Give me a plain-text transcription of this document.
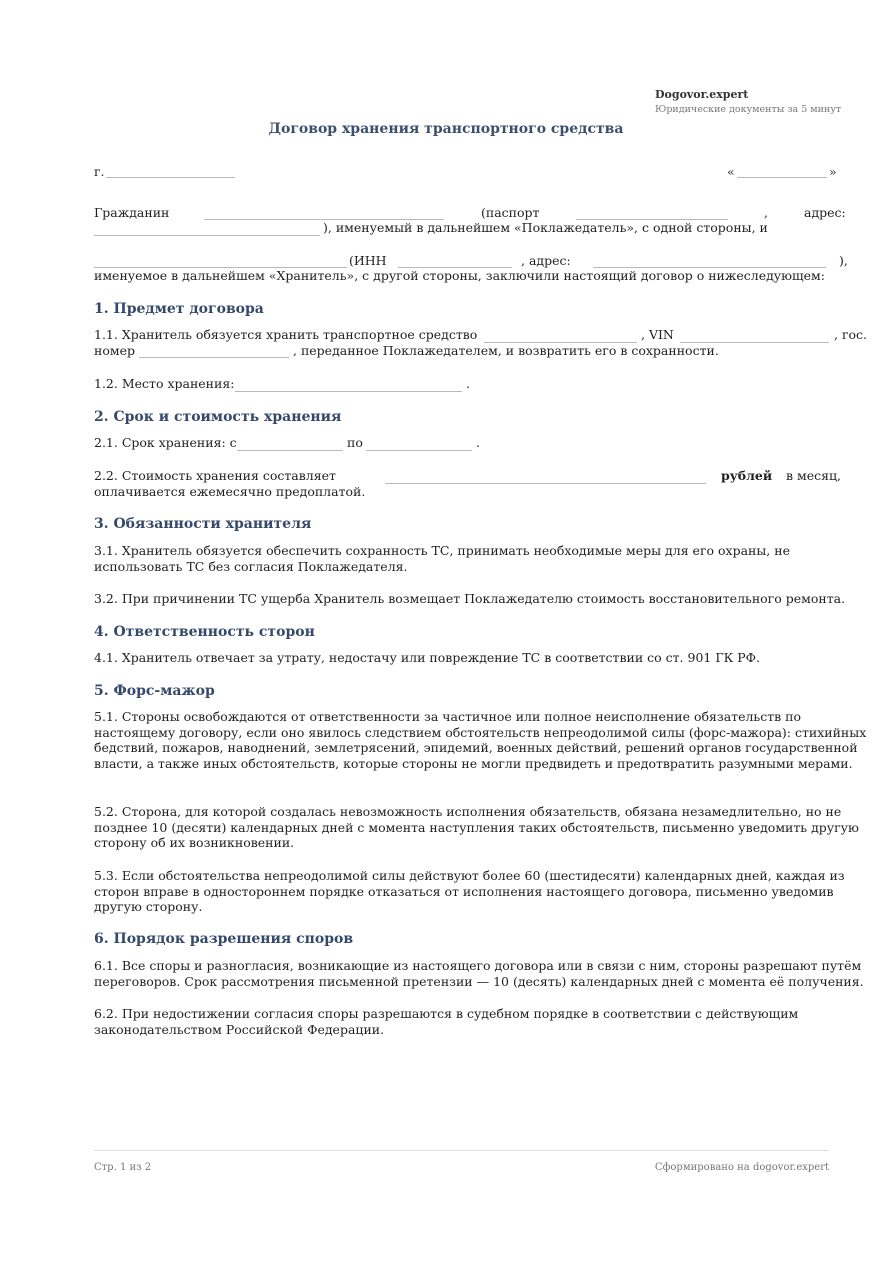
Dogovor.expert
Юридические документы за 5 минут
Договор хранения транспортного средства
г.	«	»
Гражданин	(паспорт	,	адрес:
), именуемый в дальнейшем «Поклажедатель», с одной стороны, и
(ИНН	, адрес:	),
именуемое в дальнейшем «Хранитель», с другой стороны, заключили настоящий договор о нижеследующем:
1. Предмет договора
1.1. Хранитель обязуется хранить транспортное средство	, VIN	, гос.
номер	, переданное Поклажедателем, и возвратить его в сохранности.
1.2. Место хранения:	.
2. Срок и стоимость хранения
2.1. Срок хранения: с	по	.
2.2. Стоимость хранения составляет	рублей в месяц,
оплачивается ежемесячно предоплатой.
3. Обязанности хранителя
3.1. Хранитель обязуется обеспечить сохранность ТС, принимать необходимые меры для его охраны, не использовать ТС без согласия Поклажедателя.
3.2. При причинении ТС ущерба Хранитель возмещает Поклажедателю стоимость восстановительного ремонта.
4. Ответственность сторон
4.1. Хранитель отвечает за утрату, недостачу или повреждение ТС в соответствии со ст. 901 ГК РФ.
5. Форс-мажор
5.1. Стороны освобождаются от ответственности за частичное или полное неисполнение обязательств по настоящему договору, если оно явилось следствием обстоятельств непреодолимой силы (форс-мажора): стихийных бедствий, пожаров, наводнений, землетрясений, эпидемий, военных действий, решений органов государственной власти, а также иных обстоятельств, которые стороны не могли предвидеть и предотвратить разумными мерами.
5.2. Сторона, для которой создалась невозможность исполнения обязательств, обязана незамедлительно, но не позднее 10 (десяти) календарных дней с момента наступления таких обстоятельств, письменно уведомить другую сторону об их возникновении.
5.3. Если обстоятельства непреодолимой силы действуют более 60 (шестидесяти) календарных дней, каждая из сторон вправе в одностороннем порядке отказаться от исполнения настоящего договора, письменно уведомив другую сторону.
6. Порядок разрешения споров
6.1. Все споры и разногласия, возникающие из настоящего договора или в связи с ним, стороны разрешают путём переговоров. Срок рассмотрения письменной претензии — 10 (десять) календарных дней с момента её получения.
6.2. При недостижении согласия споры разрешаются в судебном порядке в соответствии с действующим законодательством Российской Федерации.
Стр. 1 из 2	Сформировано на dogovor.expert
